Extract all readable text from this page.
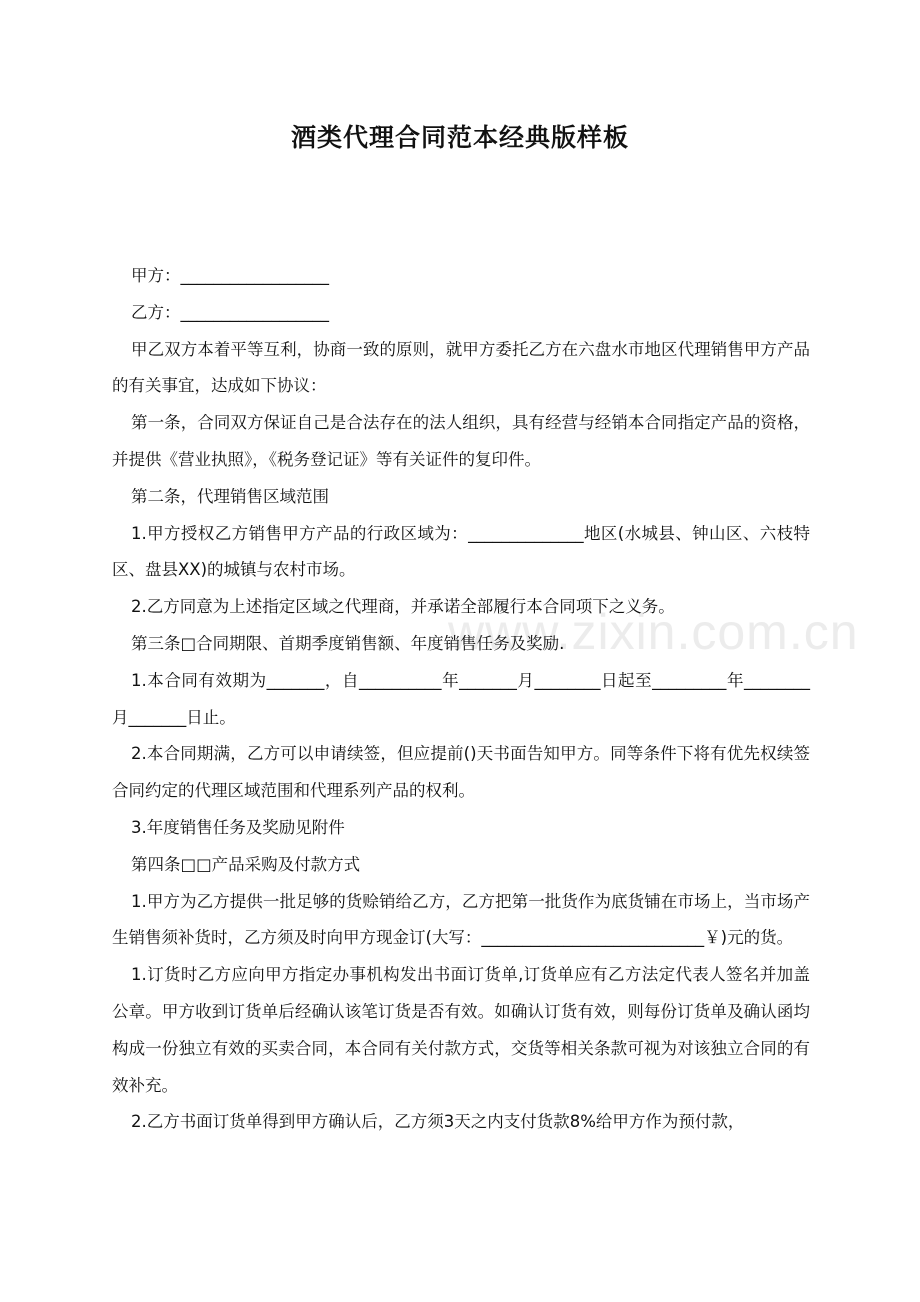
www.zixin.com.cn
酒类代理合同范本经典版样板

甲方：__________________

乙方：__________________

甲乙双方本着平等互利，协商一致的原则，就甲方委托乙方在六盘水市地区代理销售甲方产品的有关事宜，达成如下协议：

第一条，合同双方保证自己是合法存在的法人组织，具有经营与经销本合同指定产品的资格，并提供《营业执照》，《税务登记证》等有关证件的复印件。

第二条，代理销售区域范围

1.甲方授权乙方销售甲方产品的行政区域为：______________地区(水城县、钟山区、六枝特区、盘县XX)的城镇与农村市场。

2.乙方同意为上述指定区域之代理商，并承诺全部履行本合同项下之义务。

第三条□合同期限、首期季度销售额、年度销售任务及奖励.

1.本合同有效期为_______，自__________年_______月________日起至_________年________月_______日止。

2.本合同期满，乙方可以申请续签，但应提前()天书面告知甲方。同等条件下将有优先权续签合同约定的代理区域范围和代理系列产品的权利。

3.年度销售任务及奖励见附件

第四条□□产品采购及付款方式

1.甲方为乙方提供一批足够的货赊销给乙方，乙方把第一批货作为底货铺在市场上，当市场产生销售须补货时，乙方须及时向甲方现金订(大写：___________________________￥)元的货。

1.订货时乙方应向甲方指定办事机构发出书面订货单,订货单应有乙方法定代表人签名并加盖公章。甲方收到订货单后经确认该笔订货是否有效。如确认订货有效，则每份订货单及确认函均构成一份独立有效的买卖合同，本合同有关付款方式，交货等相关条款可视为对该独立合同的有效补充。

2.乙方书面订货单得到甲方确认后，乙方须3天之内支付货款8%给甲方作为预付款，
